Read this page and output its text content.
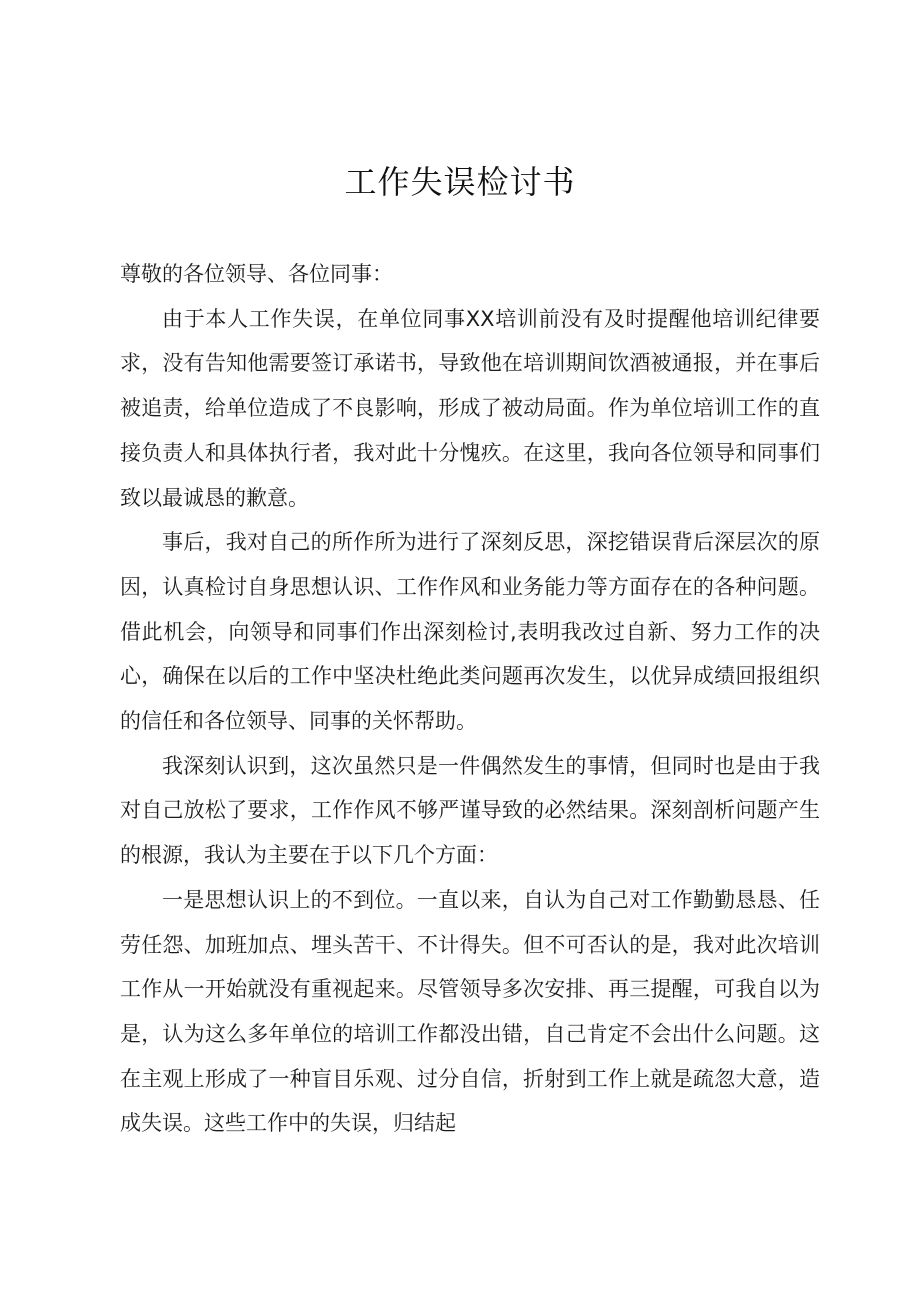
工作失误检讨书

尊敬的各位领导、各位同事：

由于本人工作失误，在单位同事XX培训前没有及时提醒他培训纪律要求，没有告知他需要签订承诺书，导致他在培训期间饮酒被通报，并在事后被追责，给单位造成了不良影响，形成了被动局面。作为单位培训工作的直接负责人和具体执行者，我对此十分愧疚。在这里，我向各位领导和同事们致以最诚恳的歉意。

事后，我对自己的所作所为进行了深刻反思，深挖错误背后深层次的原因，认真检讨自身思想认识、工作作风和业务能力等方面存在的各种问题。借此机会，向领导和同事们作出深刻检讨,表明我改过自新、努力工作的决心，确保在以后的工作中坚决杜绝此类问题再次发生，以优异成绩回报组织的信任和各位领导、同事的关怀帮助。

我深刻认识到，这次虽然只是一件偶然发生的事情，但同时也是由于我对自己放松了要求，工作作风不够严谨导致的必然结果。深刻剖析问题产生的根源，我认为主要在于以下几个方面：

一是思想认识上的不到位。一直以来，自认为自己对工作勤勤恳恳、任劳任怨、加班加点、埋头苦干、不计得失。但不可否认的是，我对此次培训工作从一开始就没有重视起来。尽管领导多次安排、再三提醒，可我自以为是，认为这么多年单位的培训工作都没出错，自己肯定不会出什么问题。这在主观上形成了一种盲目乐观、过分自信，折射到工作上就是疏忽大意，造成失误。这些工作中的失误，归结起
